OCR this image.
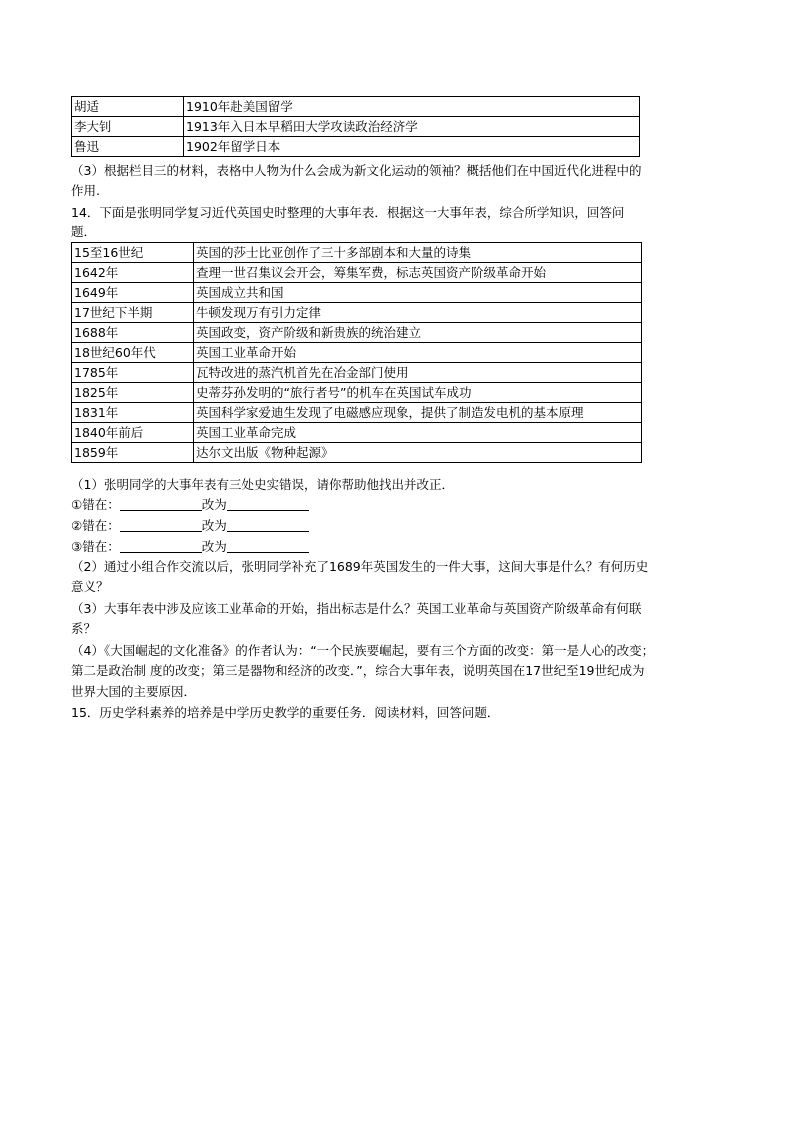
胡适	1910年赴美国留学
李大钊	1913年入日本早稻田大学攻读政治经济学
鲁迅	1902年留学日本
（3）根据栏目三的材料，表格中人物为什么会成为新文化运动的领袖？概括他们在中国近代化进程中的
作用.
14．下面是张明同学复习近代英国史时整理的大事年表．根据这一大事年表，综合所学知识，回答问
题．
15至16世纪	英国的莎士比亚创作了三十多部剧本和大量的诗集
1642年	查理一世召集议会开会，筹集军费，标志英国资产阶级革命开始
1649年	英国成立共和国
17世纪下半期	牛顿发现万有引力定律
1688年	英国政变，资产阶级和新贵族的统治建立
18世纪60年代	英国工业革命开始
1785年	瓦特改进的蒸汽机首先在冶金部门使用
1825年	史蒂芬孙发明的“旅行者号”的机车在英国试车成功
1831年	英国科学家爱迪生发现了电磁感应现象，提供了制造发电机的基本原理
1840年前后	英国工业革命完成
1859年	达尔文出版《物种起源》
（1）张明同学的大事年表有三处史实错误，请你帮助他找出并改正．
①错在：	改为
②错在：	改为
③错在：	改为
（2）通过小组合作交流以后，张明同学补充了1689年英国发生的一件大事，这间大事是什么？有何历史
意义？
（3）大事年表中涉及应该工业革命的开始，指出标志是什么？英国工业革命与英国资产阶级革命有何联
系？
（4）《大国崛起的文化准备》的作者认为：“一个民族要崛起，要有三个方面的改变：第一是人心的改变；
第二是政治制 度的改变；第三是器物和经济的改变．”，综合大事年表，说明英国在17世纪至19世纪成为
世界大国的主要原因．
15．历史学科素养的培养是中学历史教学的重要任务．阅读材料，回答问题．
